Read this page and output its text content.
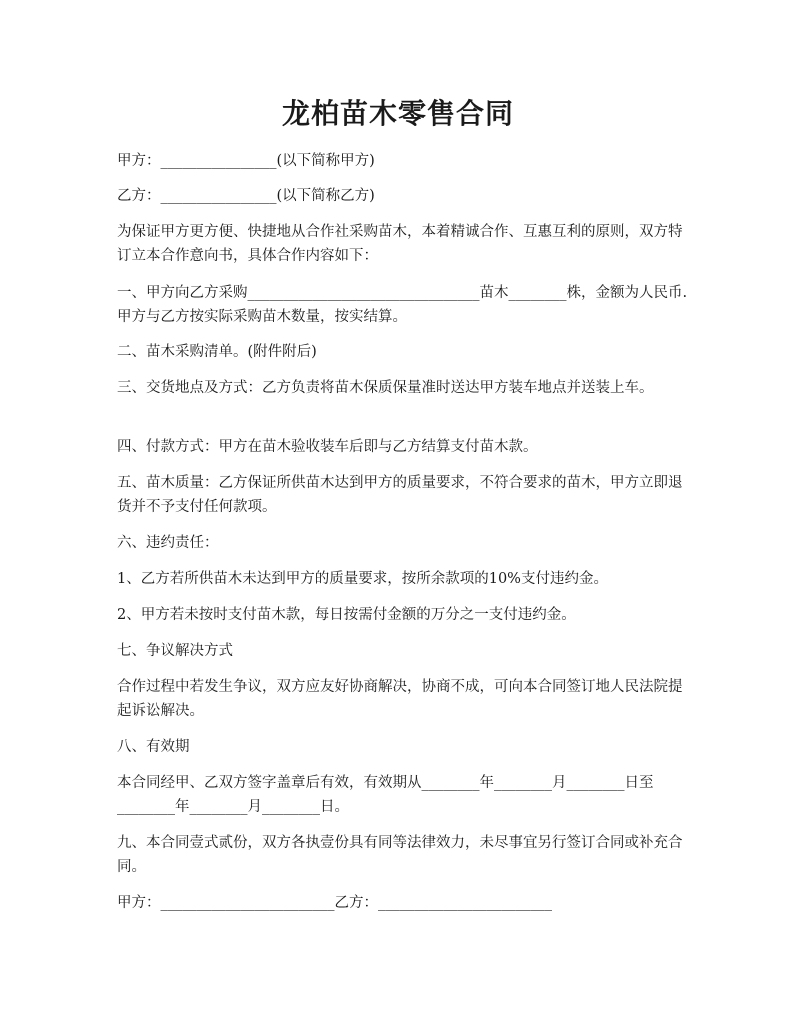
龙柏苗木零售合同

甲方：________________(以下简称甲方)

乙方：________________(以下简称乙方)

为保证甲方更方便、快捷地从合作社采购苗木，本着精诚合作、互惠互利的原则，双方特订立本合作意向书，具体合作内容如下：

一、甲方向乙方采购________________________________苗木________株，金额为人民币.甲方与乙方按实际采购苗木数量，按实结算。

二、苗木采购清单。(附件附后)

三、交货地点及方式：乙方负责将苗木保质保量准时送达甲方装车地点并送装上车。

四、付款方式：甲方在苗木验收装车后即与乙方结算支付苗木款。

五、苗木质量：乙方保证所供苗木达到甲方的质量要求，不符合要求的苗木，甲方立即退货并不予支付任何款项。

六、违约责任：

1、乙方若所供苗木未达到甲方的质量要求，按所余款项的10%支付违约金。

2、甲方若未按时支付苗木款，每日按需付金额的万分之一支付违约金。

七、争议解决方式

合作过程中若发生争议，双方应友好协商解决，协商不成，可向本合同签订地人民法院提起诉讼解决。

八、有效期

本合同经甲、乙双方签字盖章后有效，有效期从________年________月________日至________年________月________日。

九、本合同壹式贰份，双方各执壹份具有同等法律效力，未尽事宜另行签订合同或补充合同。

甲方：________________________乙方：________________________
